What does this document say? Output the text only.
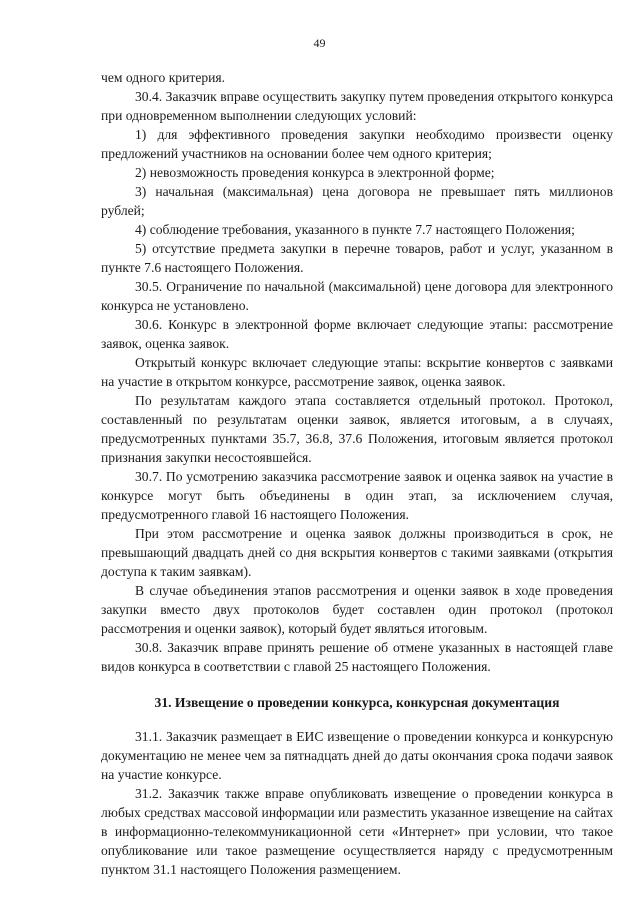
49

чем одного критерия.

30.4. Заказчик вправе осуществить закупку путем проведения открытого конкурса при одновременном выполнении следующих условий:

1) для эффективного проведения закупки необходимо произвести оценку предложений участников на основании более чем одного критерия;

2) невозможность проведения конкурса в электронной форме;

3) начальная (максимальная) цена договора не превышает пять миллионов рублей;

4) соблюдение требования, указанного в пункте 7.7 настоящего Положения;

5) отсутствие предмета закупки в перечне товаров, работ и услуг, указанном в пункте 7.6 настоящего Положения.

30.5. Ограничение по начальной (максимальной) цене договора для электронного конкурса не установлено.

30.6. Конкурс в электронной форме включает следующие этапы: рассмотрение заявок, оценка заявок.

Открытый конкурс включает следующие этапы: вскрытие конвертов с заявками на участие в открытом конкурсе, рассмотрение заявок, оценка заявок.

По результатам каждого этапа составляется отдельный протокол. Протокол, составленный по результатам оценки заявок, является итоговым, а в случаях, предусмотренных пунктами 35.7, 36.8, 37.6 Положения, итоговым является протокол признания закупки несостоявшейся.

30.7. По усмотрению заказчика рассмотрение заявок и оценка заявок на участие в конкурсе могут быть объединены в один этап, за исключением случая, предусмотренного главой 16 настоящего Положения.

При этом рассмотрение и оценка заявок должны производиться в срок, не превышающий двадцать дней со дня вскрытия конвертов с такими заявками (открытия доступа к таким заявкам).

В случае объединения этапов рассмотрения и оценки заявок в ходе проведения закупки вместо двух протоколов будет составлен один протокол (протокол рассмотрения и оценки заявок), который будет являться итоговым.

30.8. Заказчик вправе принять решение об отмене указанных в настоящей главе видов конкурса в соответствии с главой 25 настоящего Положения.

31. Извещение о проведении конкурса, конкурсная документация

31.1. Заказчик размещает в ЕИС извещение о проведении конкурса и конкурсную документацию не менее чем за пятнадцать дней до даты окончания срока подачи заявок на участие конкурсе.

31.2. Заказчик также вправе опубликовать извещение о проведении конкурса в любых средствах массовой информации или разместить указанное извещение на сайтах в информационно-телекоммуникационной сети «Интернет» при условии, что такое опубликование или такое размещение осуществляется наряду с предусмотренным пунктом 31.1 настоящего Положения размещением.
